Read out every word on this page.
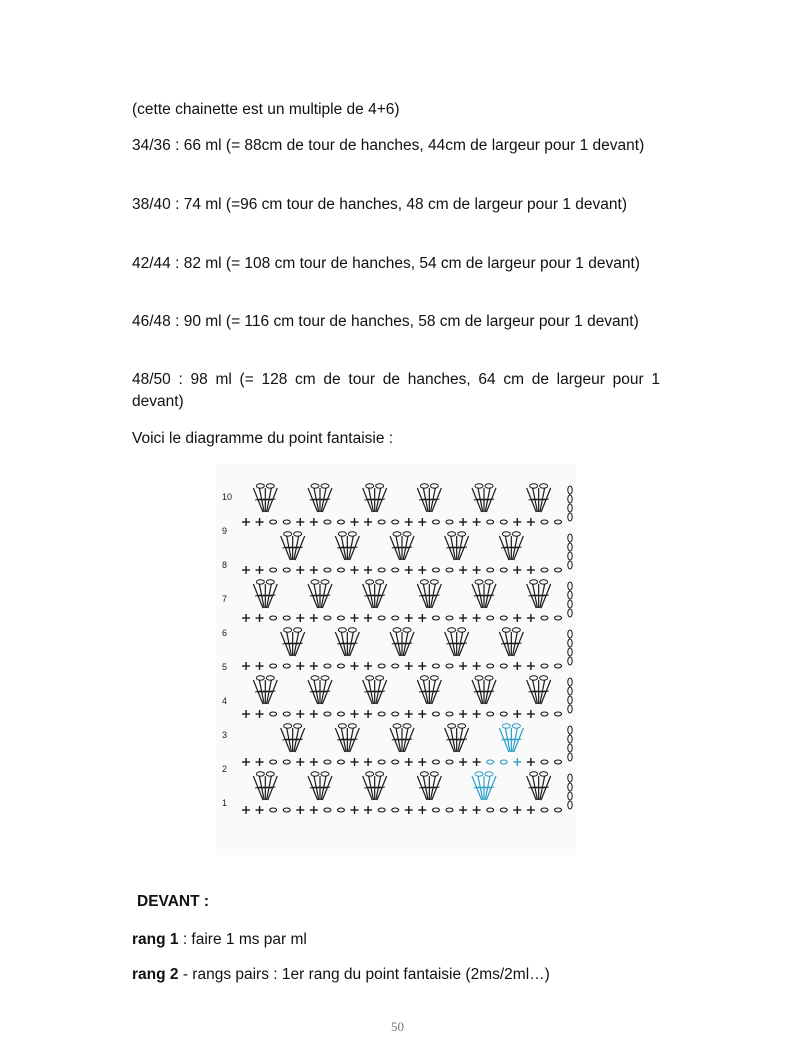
(cette chainette est un multiple de 4+6)
34/36 : 66 ml (= 88cm de tour de hanches, 44cm de largeur pour 1 devant)
38/40 : 74 ml (=96 cm tour de hanches, 48 cm de largeur pour 1 devant)
42/44 : 82 ml (= 108 cm tour de hanches, 54 cm de largeur pour 1 devant)
46/48 : 90 ml (= 116 cm tour de hanches, 58 cm de largeur pour 1 devant)
48/50 : 98 ml (= 128 cm de tour de hanches, 64 cm de largeur pour 1 devant)
Voici le diagramme du point fantaisie :
10
9
8
7
6
5
4
3
2
1
DEVANT :
rang 1 : faire 1 ms par ml
rang 2 - rangs pairs : 1er rang du point fantaisie (2ms/2ml…)
50
